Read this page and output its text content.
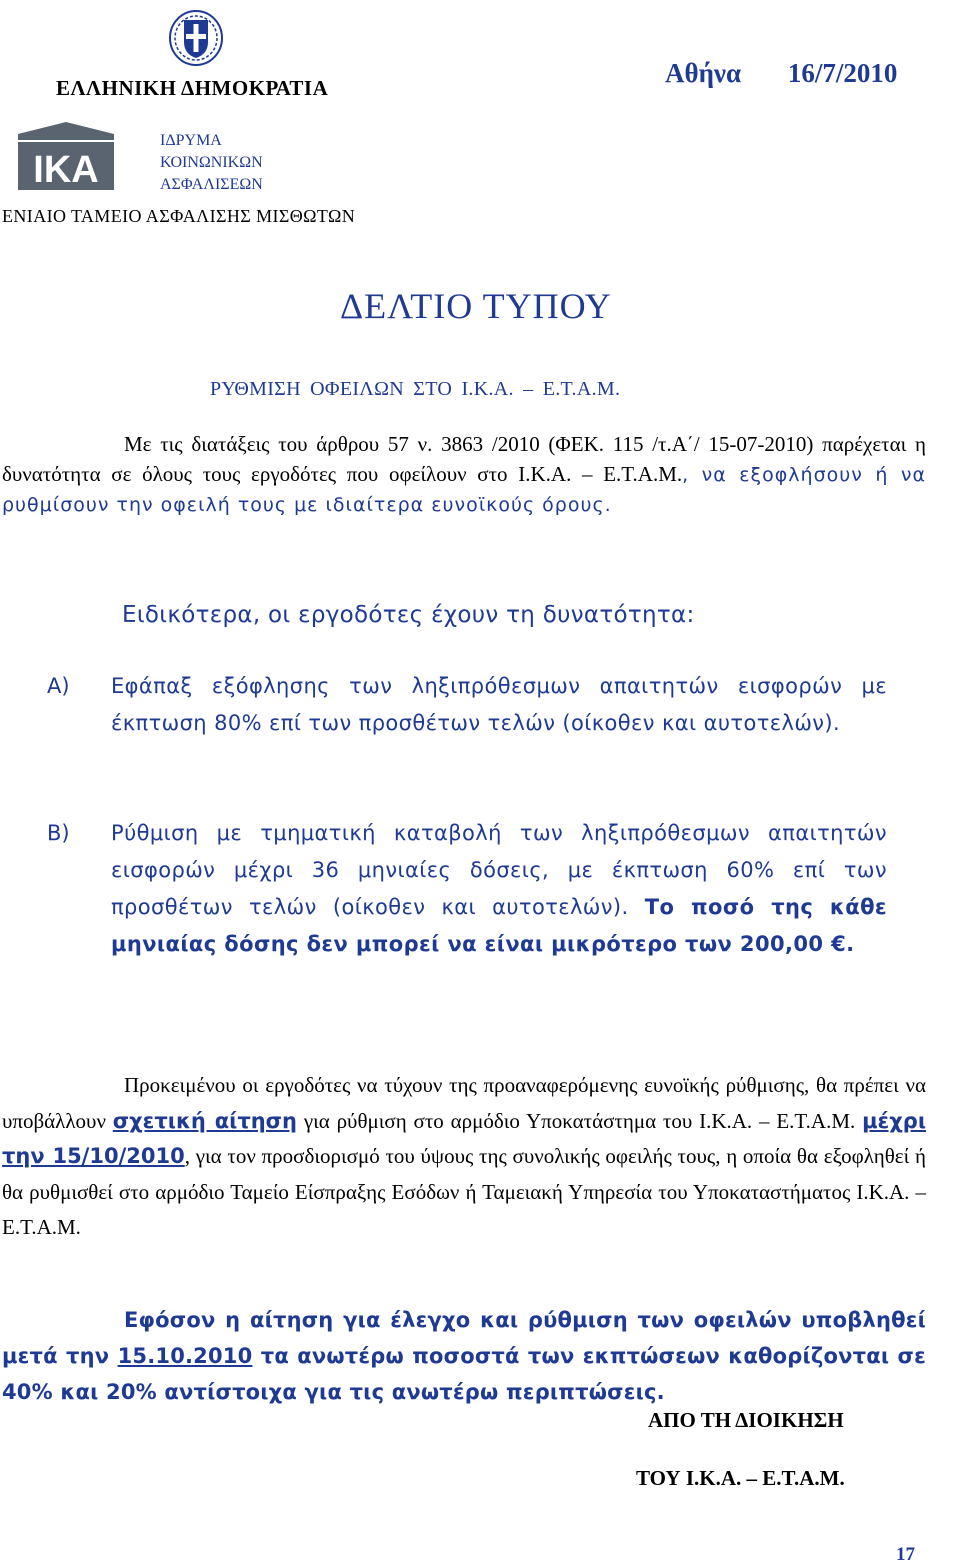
ΕΛΛΗΝΙΚΗ ΔΗΜΟΚΡΑΤΙΑ	Αθήνα 16/7/2010
IKA
ΙΔΡΥΜΑ
ΚΟΙΝΩΝΙΚΩΝ
ΑΣΦΑΛΙΣΕΩΝ
ΕΝΙΑΙΟ ΤΑΜΕΙΟ ΑΣΦΑΛΙΣΗΣ ΜΙΣΘΩΤΩΝ
ΔΕΛΤΙΟ ΤΥΠΟΥ
ΡΥΘΜΙΣΗ ΟΦΕΙΛΩΝ ΣΤΟ Ι.Κ.Α. – Ε.Τ.Α.Μ.
Με τις διατάξεις του άρθρου 57 ν. 3863 /2010 (ΦΕΚ. 115 /τ.Α΄/ 15-07-2010) παρέχεται η δυνατότητα σε όλους τους εργοδότες που οφείλουν στο Ι.Κ.Α. – Ε.Τ.Α.Μ., να εξοφλήσουν ή να ρυθμίσουν την οφειλή τους με ιδιαίτερα ευνοϊκούς όρους.
Ειδικότερα, οι εργοδότες έχουν τη δυνατότητα:
Α) Εφάπαξ εξόφλησης των ληξιπρόθεσμων απαιτητών εισφορών με έκπτωση 80% επί των προσθέτων τελών (οίκοθεν και αυτοτελών).
Β) Ρύθμιση με τμηματική καταβολή των ληξιπρόθεσμων απαιτητών εισφορών μέχρι 36 μηνιαίες δόσεις, με έκπτωση 60% επί των προσθέτων τελών (οίκοθεν και αυτοτελών). Το ποσό της κάθε μηνιαίας δόσης δεν μπορεί να είναι μικρότερο των 200,00 €.
Προκειμένου οι εργοδότες να τύχουν της προαναφερόμενης ευνοϊκής ρύθμισης, θα πρέπει να υποβάλλουν σχετική αίτηση για ρύθμιση στο αρμόδιο Υποκατάστημα του Ι.Κ.Α. – Ε.Τ.Α.Μ. μέχρι την 15/10/2010, για τον προσδιορισμό του ύψους της συνολικής οφειλής τους, η οποία θα εξοφληθεί ή θα ρυθμισθεί στο αρμόδιο Ταμείο Είσπραξης Εσόδων ή Ταμειακή Υπηρεσία του Υποκαταστήματος Ι.Κ.Α. – Ε.Τ.Α.Μ.
Εφόσον η αίτηση για έλεγχο και ρύθμιση των οφειλών υποβληθεί μετά την 15.10.2010 τα ανωτέρω ποσοστά των εκπτώσεων καθορίζονται σε 40% και 20% αντίστοιχα για τις ανωτέρω περιπτώσεις.
ΑΠΟ ΤΗ ΔΙΟΙΚΗΣΗ
ΤΟΥ Ι.Κ.Α. – Ε.Τ.Α.Μ.
17
